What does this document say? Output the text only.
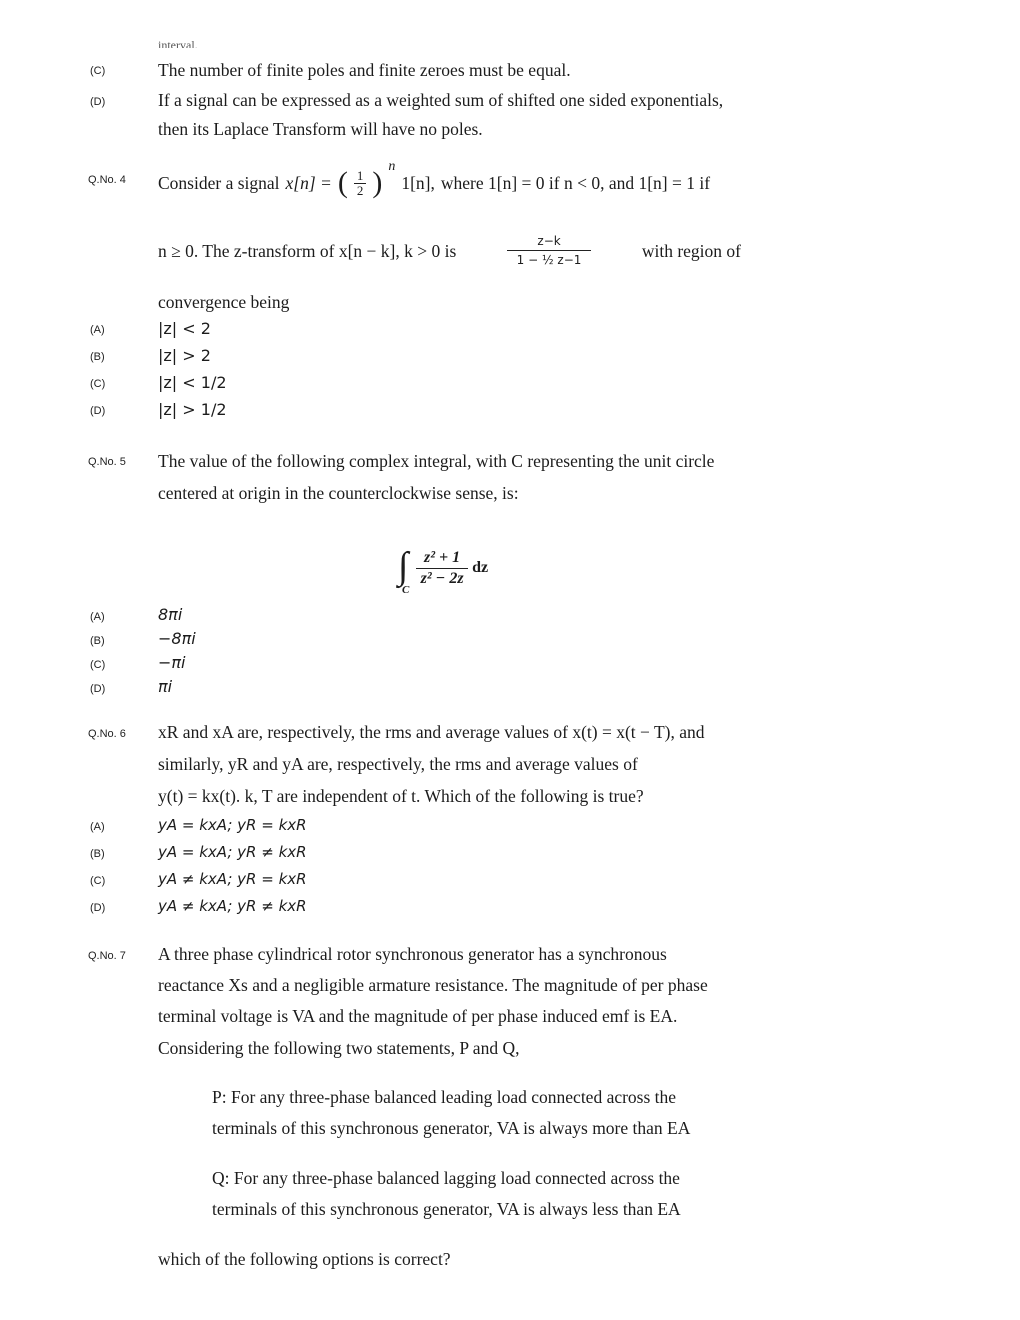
interval.
(C)	The number of finite poles and finite zeroes must be equal.
(D)	If a signal can be expressed as a weighted sum of shifted one sided exponentials,
then its Laplace Transform will have no poles.
Q.No. 4 Consider a signal x[n] = ( $\frac{1}{2}$ ) n
1[n], where 1[n] = 0 if n < 0, and 1[n] = 1 if
n ≥ 0. The z-transform of x[n − k], k > 0 is	$\frac{z-k}{\text{1 − ½ z−1}}$	with region of
convergence being
(A)	|z| < 2
(B)	|z| > 2
(C)	|z| < 1/2
(D)	|z| > 1/2
Q.No. 5 The value of the following complex integral, with C representing the unit circle
centered at origin in the counterclockwise sense, is:
∫
C
$\frac{\text{z² + 1}}{\text{z² − 2z}}$ dz
(A)	8πi
(B)	−8πi
(C)	−πi
(D)	πi
Q.No. 6 xR and xA are, respectively, the rms and average values of x(t) = x(t − T), and
similarly, yR and yA are, respectively, the rms and average values of
y(t) = kx(t). k, T are independent of t. Which of the following is true?
(A)	yA = kxA; yR = kxR
(B)	yA = kxA; yR ≠ kxR
(C)	yA ≠ kxA; yR = kxR
(D)	yA ≠ kxA; yR ≠ kxR
Q.No. 7 A three phase cylindrical rotor synchronous generator has a synchronous
reactance Xs and a negligible armature resistance. The magnitude of per phase
terminal voltage is VA and the magnitude of per phase induced emf is EA.
Considering the following two statements, P and Q,
P: For any three-phase balanced leading load connected across the
terminals of this synchronous generator, VA is always more than EA
Q: For any three-phase balanced lagging load connected across the
terminals of this synchronous generator, VA is always less than EA
which of the following options is correct?
